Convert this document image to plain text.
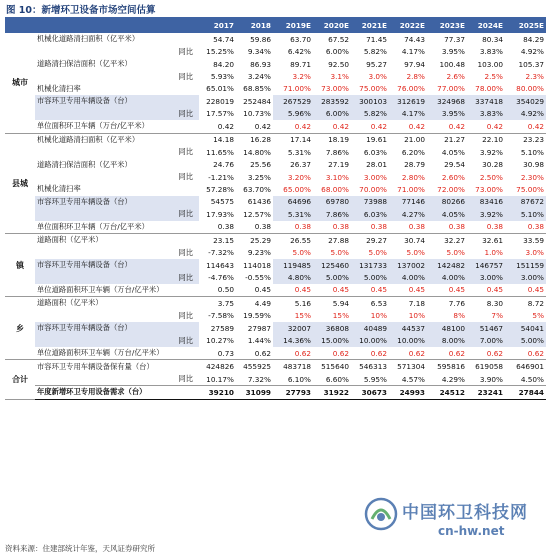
图 10：新增环卫设备市场空间估算
			2017	2018	2019E	2020E	2021E	2022E	2023E	2024E	2025E
城市	机械化道路清扫面积（亿平米）		54.74	59.86	63.70	67.52	71.45	74.43	77.37	80.34	84.29
		同比	15.25%	9.34%	6.42%	6.00%	5.82%	4.17%	3.95%	3.83%	4.92%
	道路清扫保洁面积（亿平米）		84.20	86.93	89.71	92.50	95.27	97.94	100.48	103.00	105.37
		同比	5.93%	3.24%	3.2%	3.1%	3.0%	2.8%	2.6%	2.5%	2.3%
	机械化清扫率		65.01%	68.85%	71.00%	73.00%	75.00%	76.00%	77.00%	78.00%	80.00%
	市容环卫专用车辆设备（台）		228019	252484	267529	283592	300103	312619	324968	337418	354029
		同比	17.57%	10.73%	5.96%	6.00%	5.82%	4.17%	3.95%	3.83%	4.92%
	单位面积环卫车辆（万台/亿平米）		0.42	0.42	0.42	0.42	0.42	0.42	0.42	0.42	0.42
县城	机械化道路清扫面积（亿平米）		14.18	16.28	17.14	18.19	19.61	21.00	21.27	22.10	23.23
		同比	11.65%	14.80%	5.31%	7.86%	6.03%	6.20%	4.05%	3.92%	5.10%
	道路清扫保洁面积（亿平米）		24.76	25.56	26.37	27.19	28.01	28.79	29.54	30.28	30.98
		同比	-1.21%	3.25%	3.20%	3.10%	3.00%	2.80%	2.60%	2.50%	2.30%
	机械化清扫率		57.28%	63.70%	65.00%	68.00%	70.00%	71.00%	72.00%	73.00%	75.00%
	市容环卫专用车辆设备（台）		54575	61436	64696	69780	73988	77146	80266	83416	87672
		同比	17.93%	12.57%	5.31%	7.86%	6.03%	4.27%	4.05%	3.92%	5.10%
	单位面积环卫车辆（万台/亿平米）		0.38	0.38	0.38	0.38	0.38	0.38	0.38	0.38	0.38
镇	道路面积（亿平米）		23.15	25.29	26.55	27.88	29.27	30.74	32.27	32.61	33.59
		同比	-7.32%	9.23%	5.0%	5.0%	5.0%	5.0%	5.0%	1.0%	3.0%
	市容环卫专用车辆设备（台）		114643	114018	119485	125460	131733	137002	142482	146757	151159
		同比	-4.76%	-0.55%	4.80%	5.00%	5.00%	4.00%	4.00%	3.00%	3.00%
	单位道路面积环卫车辆（万台/亿平米）		0.50	0.45	0.45	0.45	0.45	0.45	0.45	0.45	0.45
乡	道路面积（亿平米）		3.75	4.49	5.16	5.94	6.53	7.18	7.76	8.30	8.72
		同比	-7.58%	19.59%	15%	15%	10%	10%	8%	7%	5%
	市容环卫专用车辆设备（台）		27589	27987	32007	36808	40489	44537	48100	51467	54041
		同比	10.27%	1.44%	14.36%	15.00%	10.00%	10.00%	8.00%	7.00%	5.00%
	单位道路面积环卫车辆（万台/亿平米）		0.73	0.62	0.62	0.62	0.62	0.62	0.62	0.62	0.62
合计	市容环卫专用车辆设备保有量（台）		424826	455925	483718	515640	546313	571304	595816	619058	646901
		同比	10.17%	7.32%	6.10%	6.60%	5.95%	4.57%	4.29%	3.90%	4.50%
	年度新增环卫专用设备需求（台）		39210	31099	27793	31922	30673	24993	24512	23241	27844
资料来源：住建部统计年鉴，天风证券研究所
中国环卫科技网
cn-hw.net
